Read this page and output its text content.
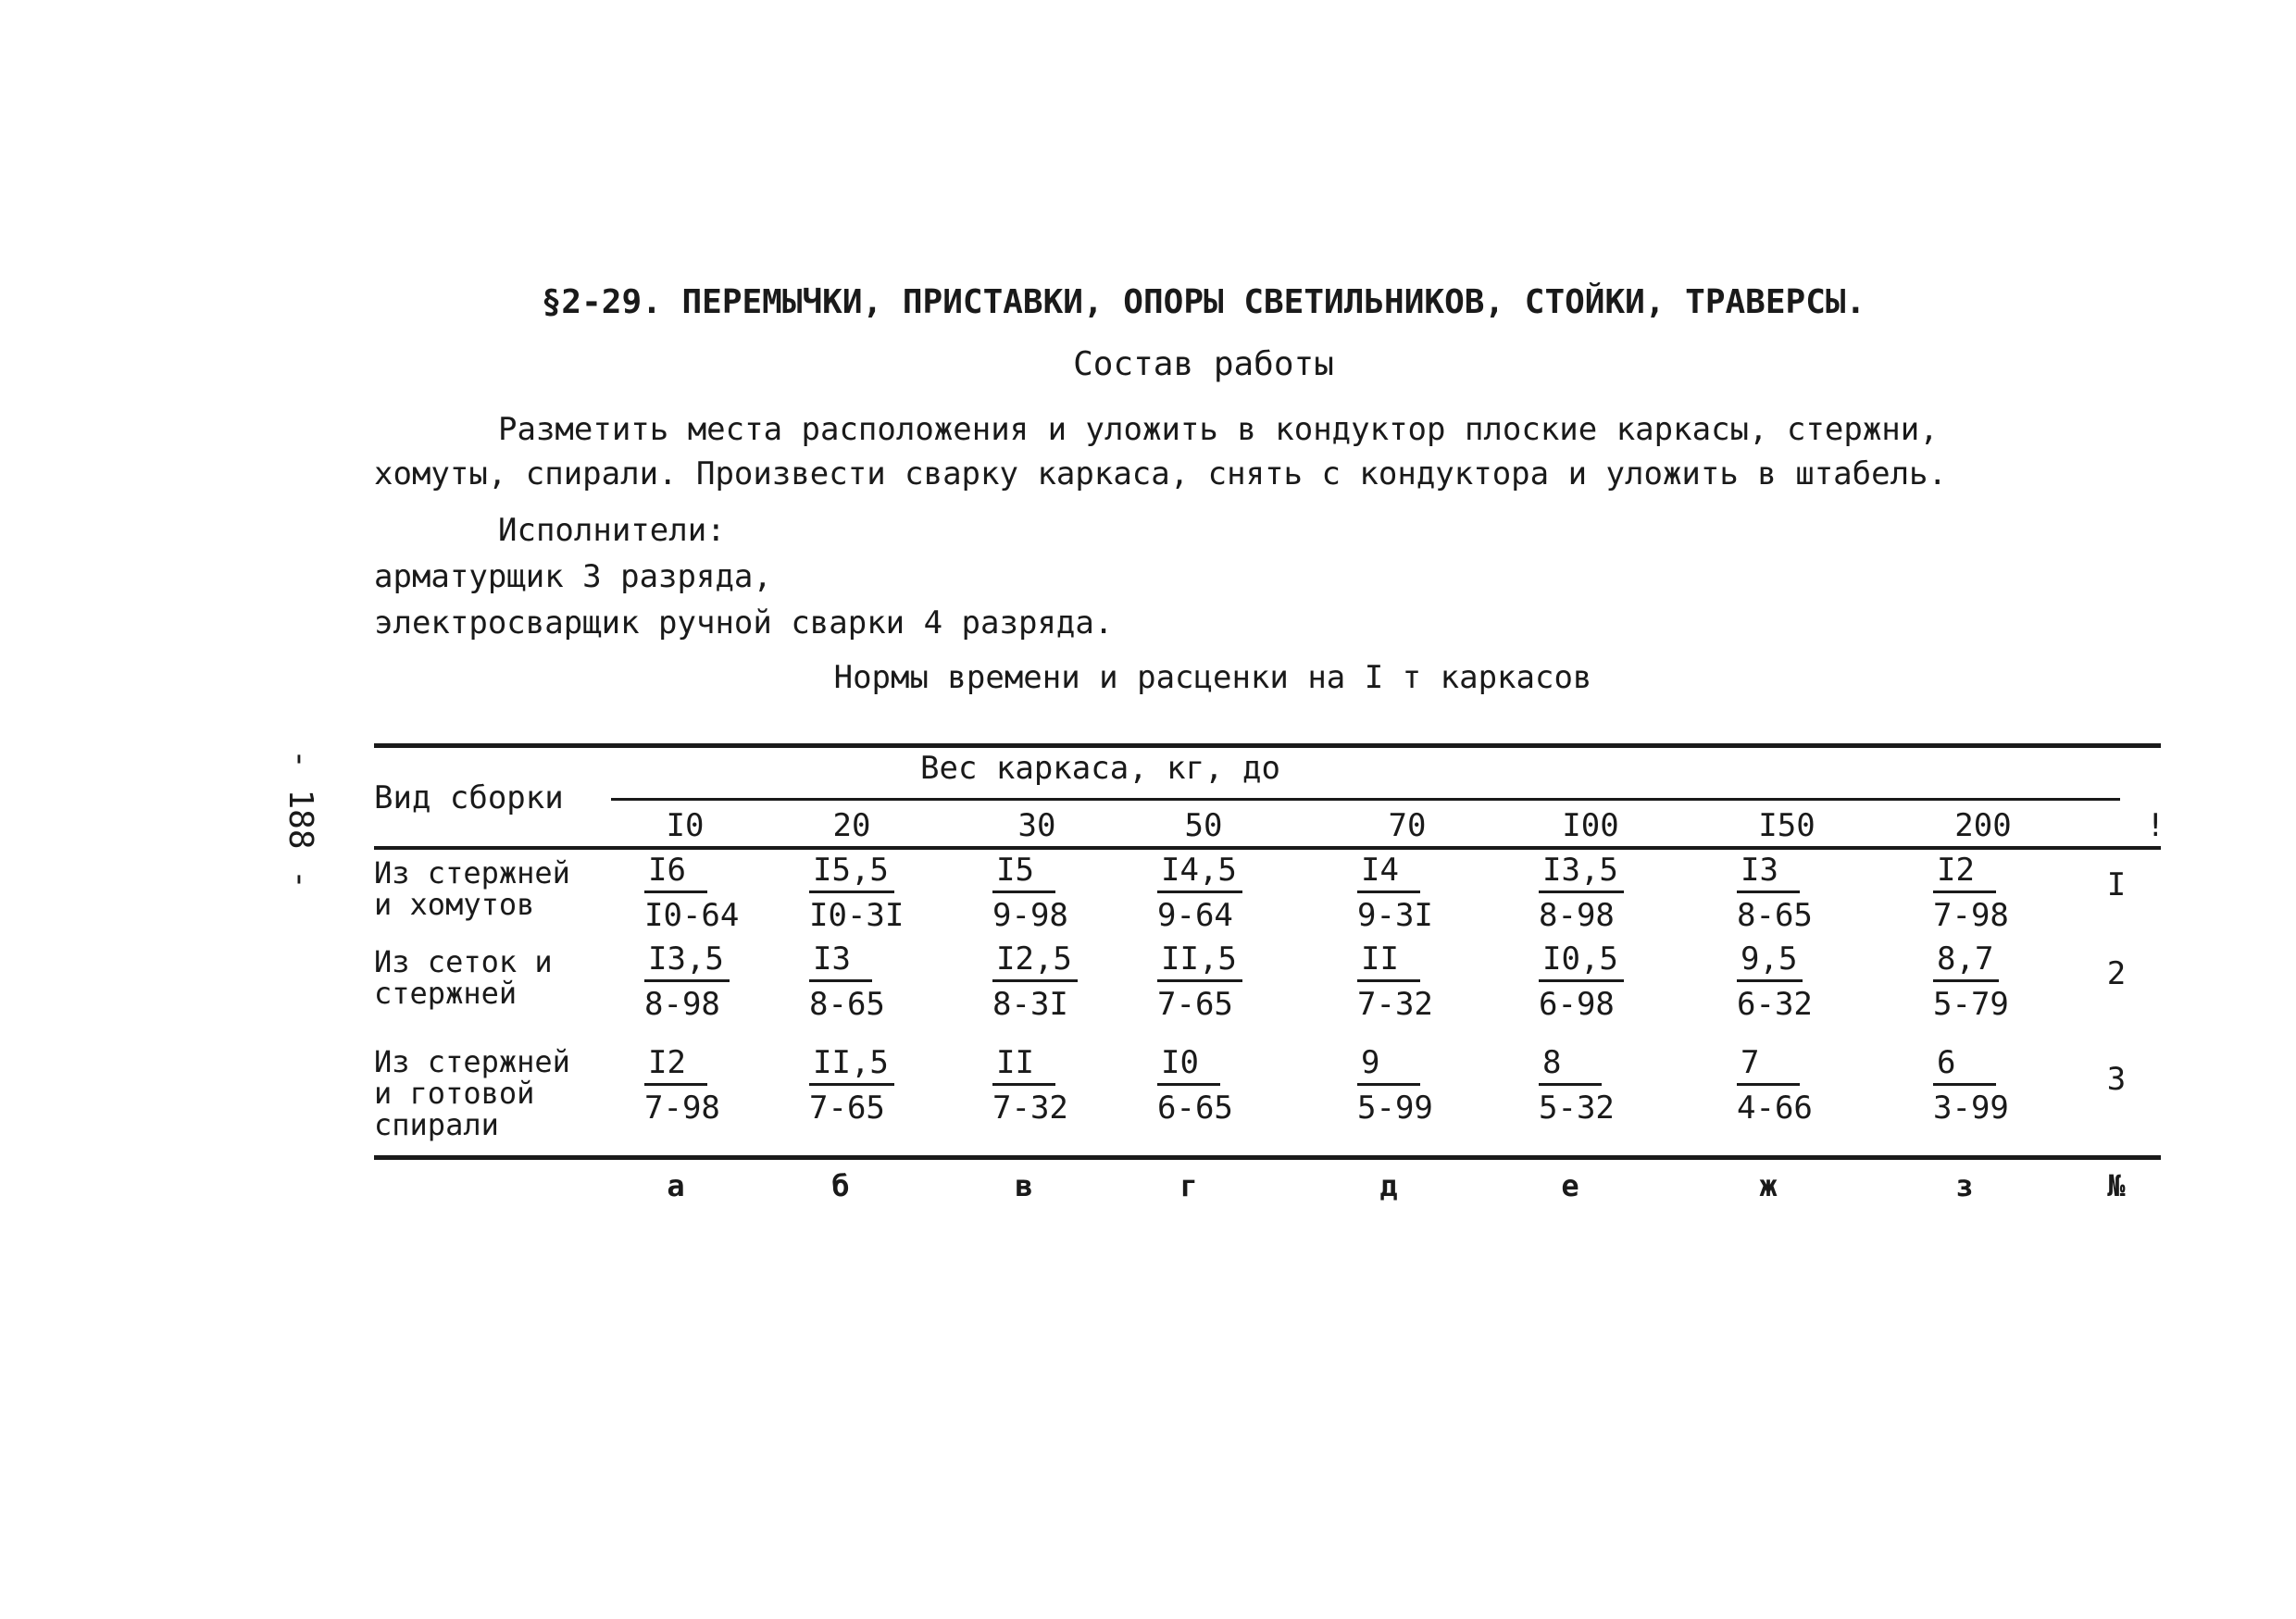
- 188 -
§2-29. ПЕРЕМЫЧКИ, ПРИСТАВКИ, ОПОРЫ СВЕТИЛЬНИКОВ, СТОЙКИ, ТРАВЕРСЫ.
Состав работы
Разметить места расположения и уложить в кондуктор плоские каркасы, стержни, хомуты, спирали. Произвести сварку каркаса, снять с кондуктора и уложить в штабель.
Исполнители:
арматурщик 3 разряда,
электросварщик ручной сварки 4 разряда.
Нормы времени и расценки на I т каркасов
Вид сборки
Вес каркаса, кг, до
I0	20	30	50	70	I00	I50	200	!
Из стержней и хомутов	$\frac{I6}{I0-64} \frac{I5,5}{I0-3I} \frac{I5}{9-98} \frac{I4,5}{9-64} \frac{I4}{9-3I} \frac{I3,5}{8-98} \frac{I3}{8-65} \frac{I2}{7-98}$ I
Из сеток и стержней	$\frac{I3,5}{8-98} \frac{I3}{8-65} \frac{I2,5}{8-3I} \frac{II,5}{7-65} \frac{II}{7-32} \frac{I0,5}{6-98} \frac{9,5}{6-32} \frac{8,7}{5-79} 2$
Из стержней и готовой спирали	$\frac{I2}{7-98} \frac{II,5}{7-65} \frac{II}{7-32} \frac{I0}{6-65} \frac{9}{5-99} \frac{8}{5-32} \frac{7}{4-66} \frac{6}{3-99} 3$
а	б	в	г	д	е	ж	з	№
